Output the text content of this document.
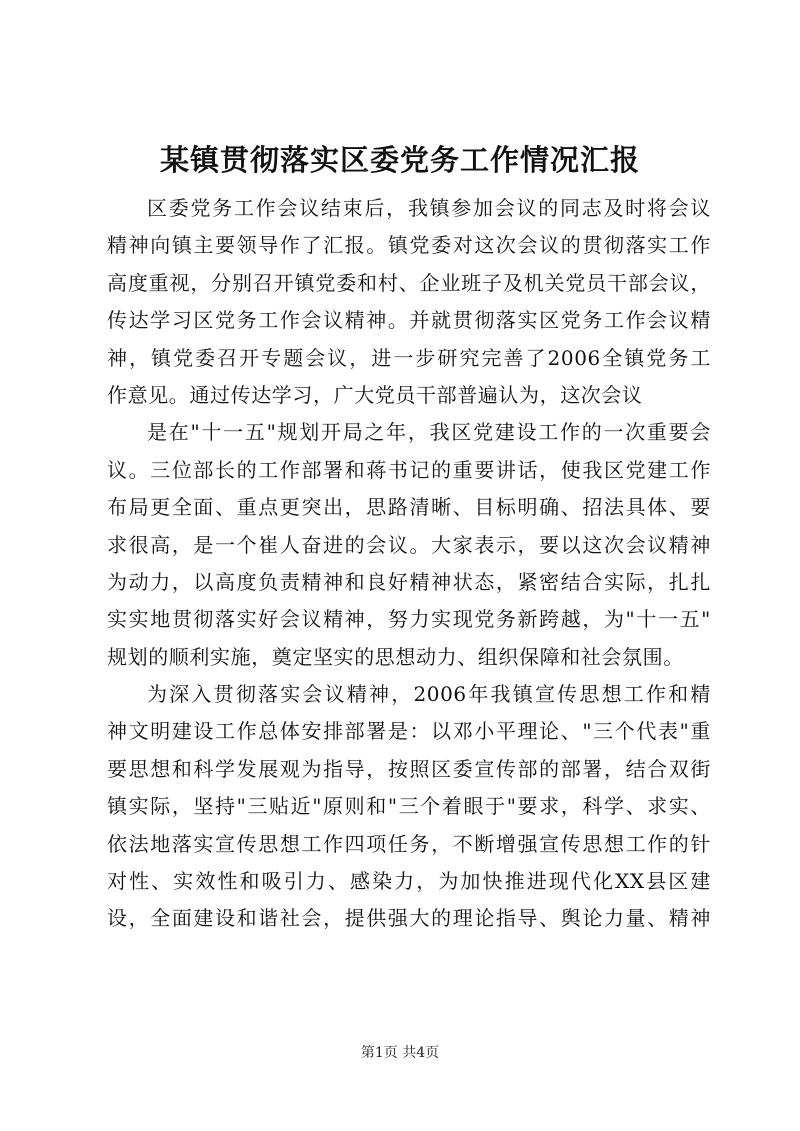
某镇贯彻落实区委党务工作情况汇报
区委党务工作会议结束后，我镇参加会议的同志及时将会议
精神向镇主要领导作了汇报。镇党委对这次会议的贯彻落实工作
高度重视，分别召开镇党委和村、企业班子及机关党员干部会议，
传达学习区党务工作会议精神。并就贯彻落实区党务工作会议精
神，镇党委召开专题会议，进一步研究完善了2006全镇党务工
作意见。通过传达学习，广大党员干部普遍认为，这次会议
是在"十一五"规划开局之年，我区党建设工作的一次重要会
议。三位部长的工作部署和蒋书记的重要讲话，使我区党建工作
布局更全面、重点更突出，思路清晰、目标明确、招法具体、要
求很高，是一个崔人奋进的会议。大家表示，要以这次会议精神
为动力，以高度负责精神和良好精神状态，紧密结合实际，扎扎
实实地贯彻落实好会议精神，努力实现党务新跨越，为"十一五"
规划的顺利实施，奠定坚实的思想动力、组织保障和社会氛围。
为深入贯彻落实会议精神，2006年我镇宣传思想工作和精
神文明建设工作总体安排部署是：以邓小平理论、"三个代表"重
要思想和科学发展观为指导，按照区委宣传部的部署，结合双街
镇实际，坚持"三贴近"原则和"三个着眼于"要求，科学、求实、
依法地落实宣传思想工作四项任务，不断增强宣传思想工作的针
对性、实效性和吸引力、感染力，为加快推进现代化XX县区建
设，全面建设和谐社会，提供强大的理论指导、舆论力量、精神
第1页 共4页
